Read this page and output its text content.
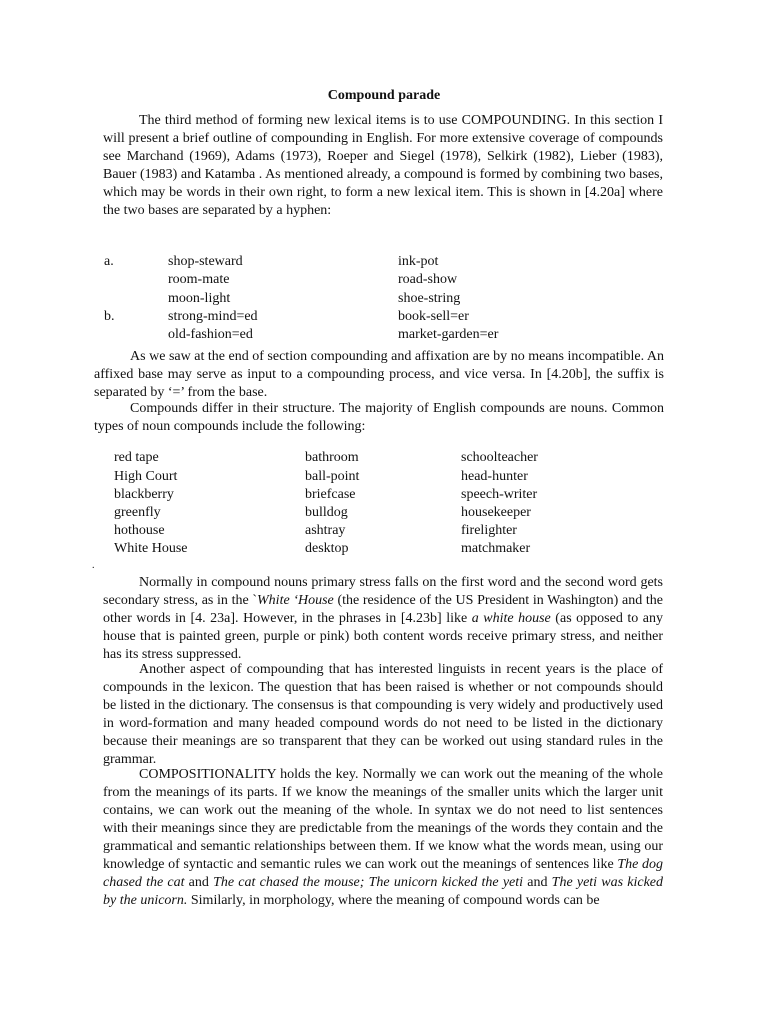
Compound parade

The third method of forming new lexical items is to use COMPOUNDING. In this section I will present a brief outline of compounding in English. For more extensive coverage of compounds see Marchand (1969), Adams (1973), Roeper and Siegel (1978), Selkirk (1982), Lieber (1983), Bauer (1983) and Katamba . As mentioned already, a compound is formed by combining two bases, which may be words in their own right, to form a new lexical item. This is shown in [4.20a] where the two bases are separated by a hyphen:

a.	shop-steward	ink-pot
room-mate	road-show
moon-light	shoe-string
b.	strong-mind=ed	book-sell=er
old-fashion=ed	market-garden=er

As we saw at the end of section compounding and affixation are by no means incompatible. An affixed base may serve as input to a compounding process, and vice versa. In [4.20b], the suffix is separated by ‘=’ from the base.

Compounds differ in their structure. The majority of English compounds are nouns. Common types of noun compounds include the following:

red tape	bathroom	schoolteacher
High Court	ball-point	head-hunter
blackberry	briefcase	speech-writer
greenfly	bulldog	housekeeper
hothouse	ashtray	firelighter
White House	desktop	matchmaker
.

Normally in compound nouns primary stress falls on the first word and the second word gets secondary stress, as in the `White ‘House (the residence of the US President in Washington) and the other words in [4. 23a]. However, in the phrases in [4.23b] like a white house (as opposed to any house that is painted green, purple or pink) both content words receive primary stress, and neither has its stress suppressed.

Another aspect of compounding that has interested linguists in recent years is the place of compounds in the lexicon. The question that has been raised is whether or not compounds should be listed in the dictionary. The consensus is that compounding is very widely and productively used in word-formation and many headed compound words do not need to be listed in the dictionary because their meanings are so transparent that they can be worked out using standard rules in the grammar.

COMPOSITIONALITY holds the key. Normally we can work out the meaning of the whole from the meanings of its parts. If we know the meanings of the smaller units which the larger unit contains, we can work out the meaning of the whole. In syntax we do not need to list sentences with their meanings since they are predictable from the meanings of the words they contain and the grammatical and semantic relationships between them. If we know what the words mean, using our knowledge of syntactic and semantic rules we can work out the meanings of sentences like The dog chased the cat and The cat chased the mouse; The unicorn kicked the yeti and The yeti was kicked by the unicorn. Similarly, in morphology, where the meaning of compound words can be
